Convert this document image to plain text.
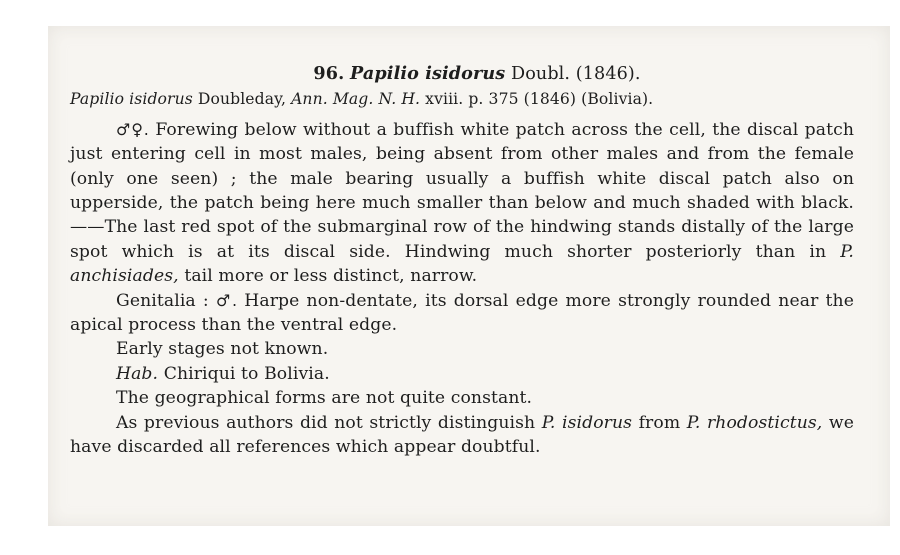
96. Papilio isidorus Doubl. (1846).
Papilio isidorus Doubleday, Ann. Mag. N. H. xviii. p. 375 (1846) (Bolivia).
♂♀. Forewing below without a buffish white patch across the cell, the discal patch just entering cell in most males, being absent from other males and from the female (only one seen) ; the male bearing usually a buffish white discal patch also on upperside, the patch being here much smaller than below and much shaded with black.——The last red spot of the submarginal row of the hindwing stands distally of the large spot which is at its discal side. Hindwing much shorter posteriorly than in P. anchisiades, tail more or less distinct, narrow.
Genitalia : ♂. Harpe non-dentate, its dorsal edge more strongly rounded near the apical process than the ventral edge.
Early stages not known.
Hab. Chiriqui to Bolivia.
The geographical forms are not quite constant.
As previous authors did not strictly distinguish P. isidorus from P. rhodostictus, we have discarded all references which appear doubtful.
